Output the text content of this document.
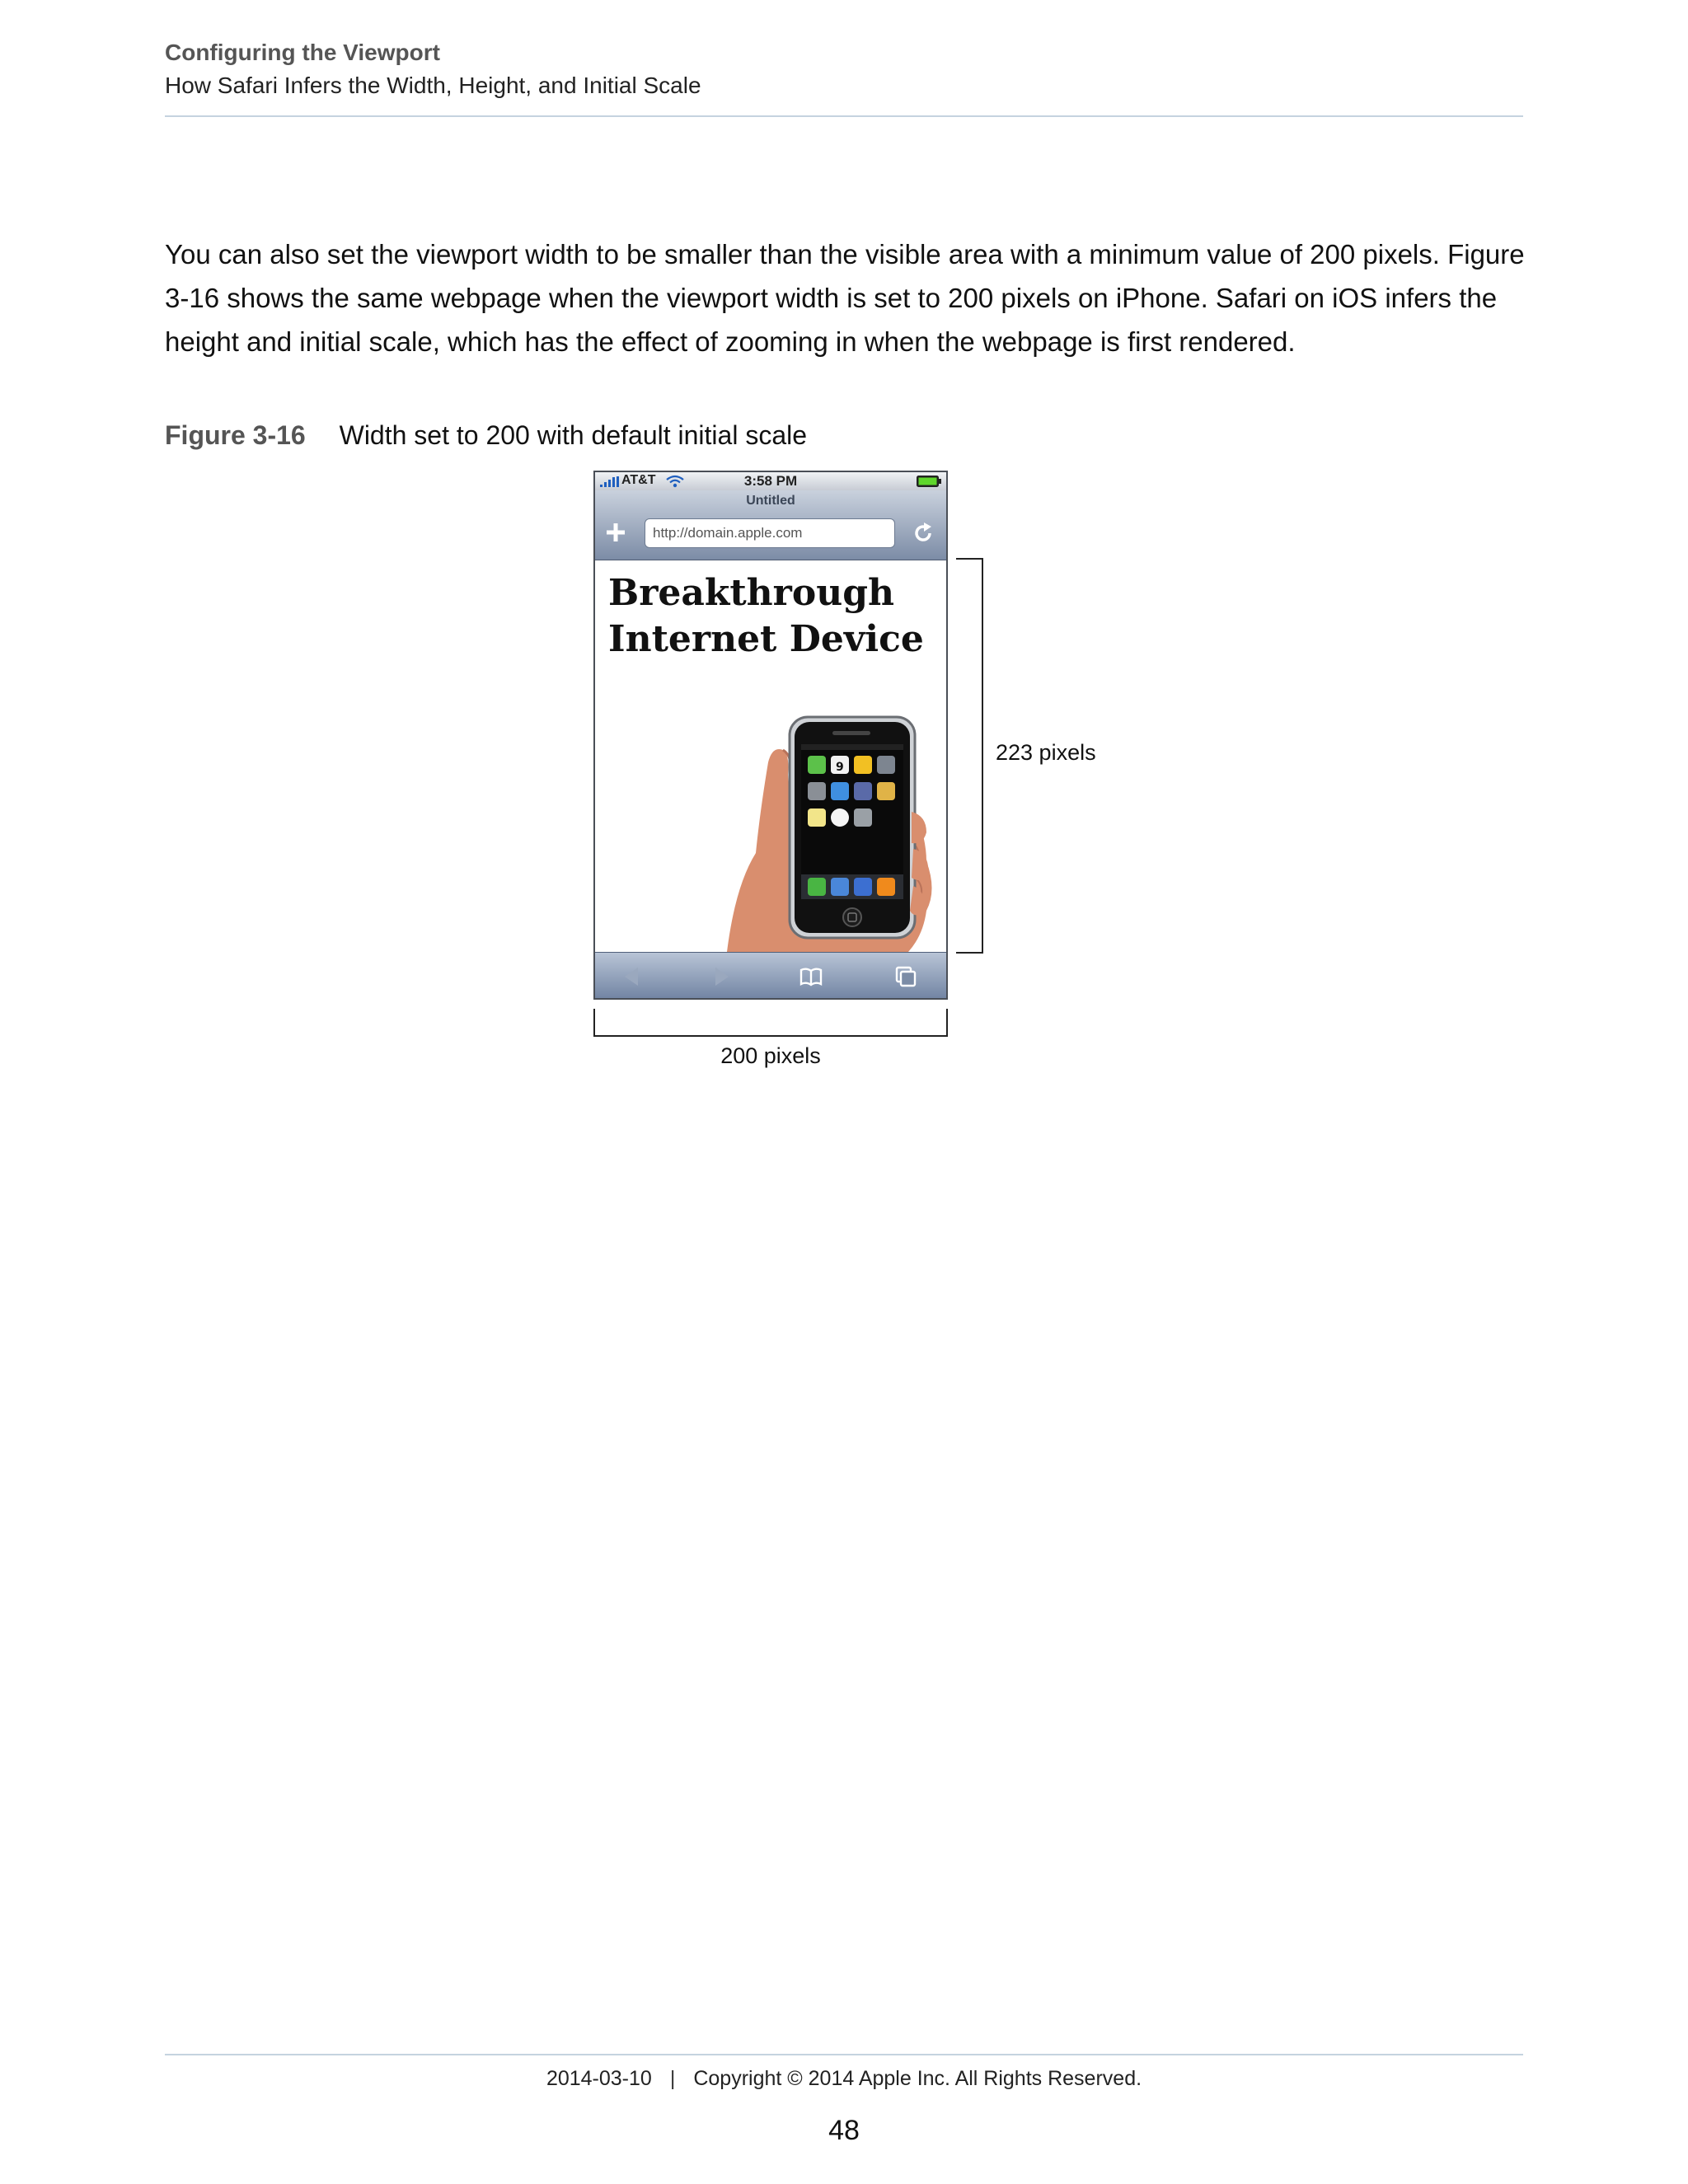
Configuring the Viewport
How Safari Infers the Width, Height, and Initial Scale

You can also set the viewport width to be smaller than the visible area with a minimum value of 200 pixels. Figure 3-16 shows the same webpage when the viewport width is set to 200 pixels on iPhone. Safari on iOS infers the height and initial scale, which has the effect of zooming in when the webpage is first rendered.

Figure 3-16 Width set to 200 with default initial scale
AT&T	3:58 PM
Untitled
http://domain.apple.com
Breakthrough
Internet Device
9
223 pixels
200 pixels
2014-03-10 | Copyright © 2014 Apple Inc. All Rights Reserved.
48
